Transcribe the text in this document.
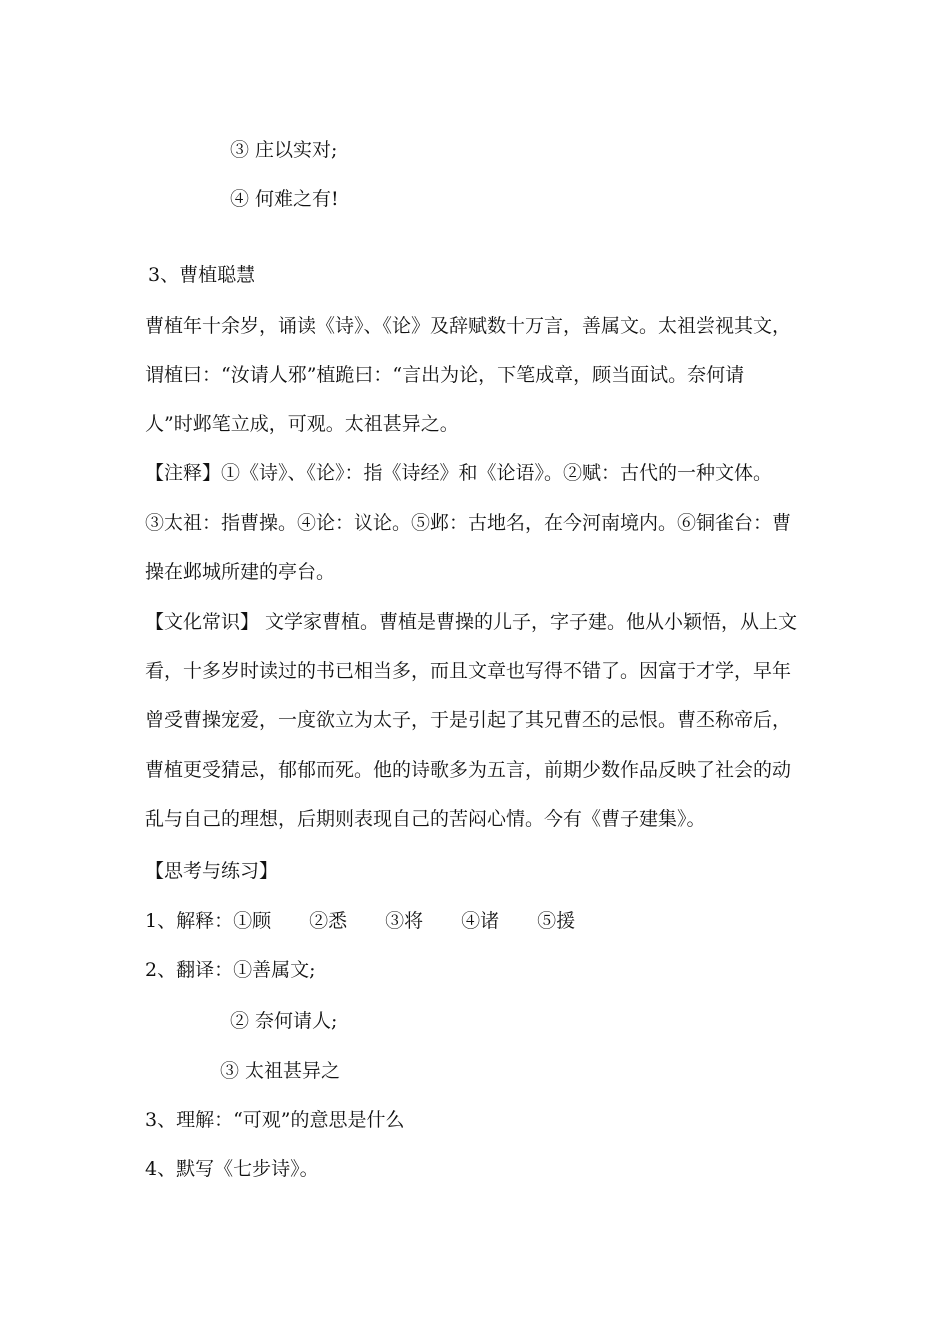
③ 庄以实对;

④ 何难之有!

3、曹植聪慧

曹植年十余岁，诵读《诗》、《论》及辞赋数十万言，善属文。太祖尝视其文，

谓植曰：“汝请人邪”植跪曰：“言出为论，下笔成章，顾当面试。奈何请

人”时邺笔立成，可观。太祖甚异之。

【注释】①《诗》、《论》：指《诗经》和《论语》。②赋：古代的一种文体。

③太祖：指曹操。④论：议论。⑤邺：古地名，在今河南境内。⑥铜雀台：曹

操在邺城所建的亭台。

【文化常识】 文学家曹植。曹植是曹操的儿子，字子建。他从小颖悟，从上文

看，十多岁时读过的书已相当多，而且文章也写得不错了。因富于才学，早年

曾受曹操宠爱，一度欲立为太子，于是引起了其兄曹丕的忌恨。曹丕称帝后，

曹植更受猜忌，郁郁而死。他的诗歌多为五言，前期少数作品反映了社会的动

乱与自己的理想，后期则表现自己的苦闷心情。今有《曹子建集》。

【思考与练习】

1、解释：①顾　　②悉　　③将　　④诸　　⑤援

2、翻译：①善属文;

② 奈何请人;

③ 太祖甚异之

3、理解：“可观”的意思是什么

4、默写《七步诗》。
